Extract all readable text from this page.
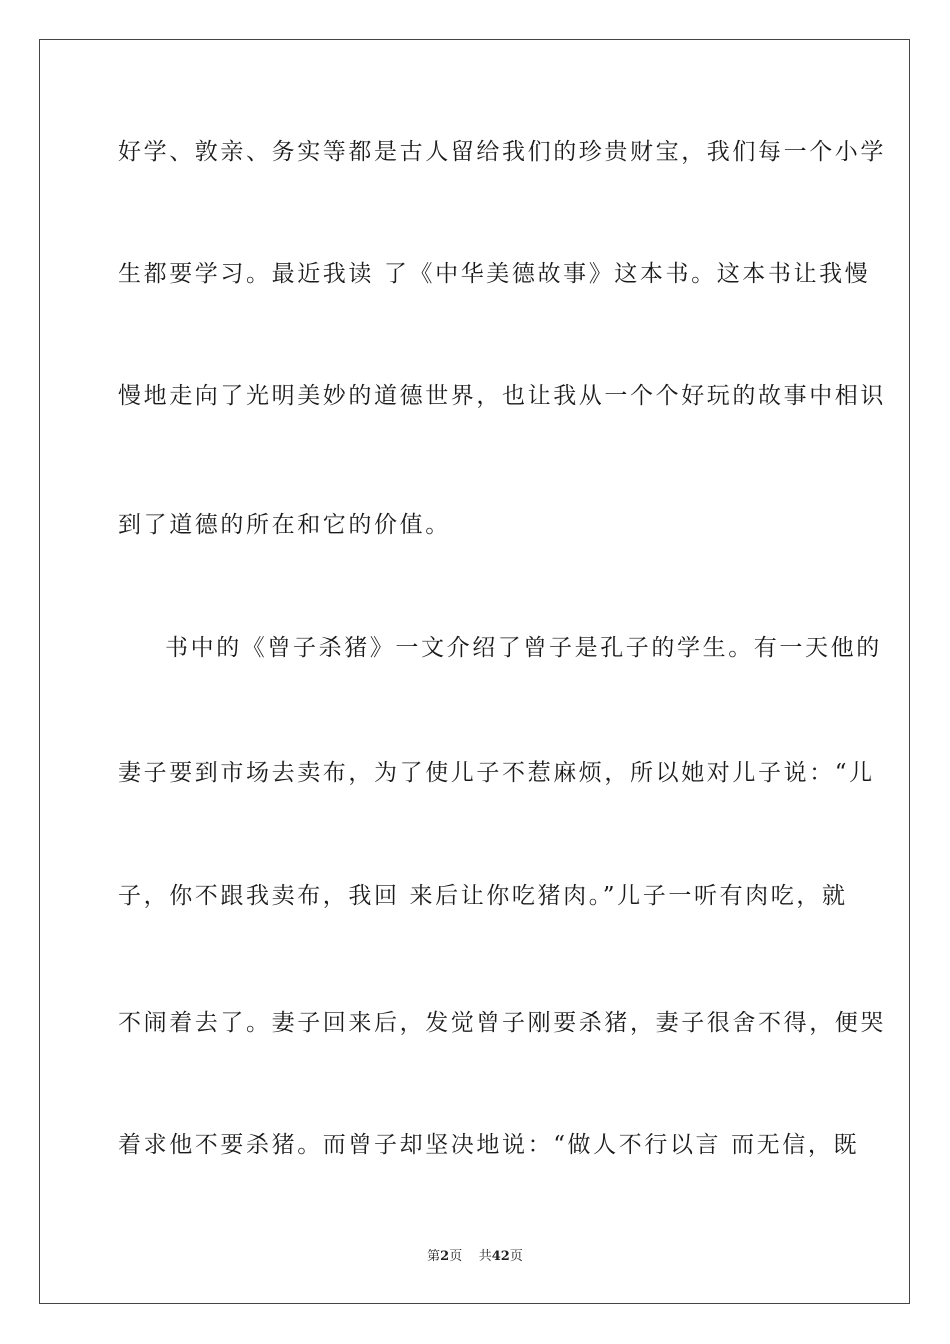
好学、敦亲、务实等都是古人留给我们的珍贵财宝，我们每一个小学
生都要学习。最近我读 了《中华美德故事》这本书。这本书让我慢
慢地走向了光明美妙的道德世界，也让我从一个个好玩的故事中相识
到了道德的所在和它的价值。
书中的《曾子杀猪》一文介绍了曾子是孔子的学生。有一天他的
妻子要到市场去卖布，为了使儿子不惹麻烦，所以她对儿子说：“儿
子，你不跟我卖布，我回 来后让你吃猪肉。”儿子一听有肉吃，就
不闹着去了。妻子回来后，发觉曾子刚要杀猪，妻子很舍不得，便哭
着求他不要杀猪。而曾子却坚决地说：“做人不行以言 而无信，既
第2页 共42页
